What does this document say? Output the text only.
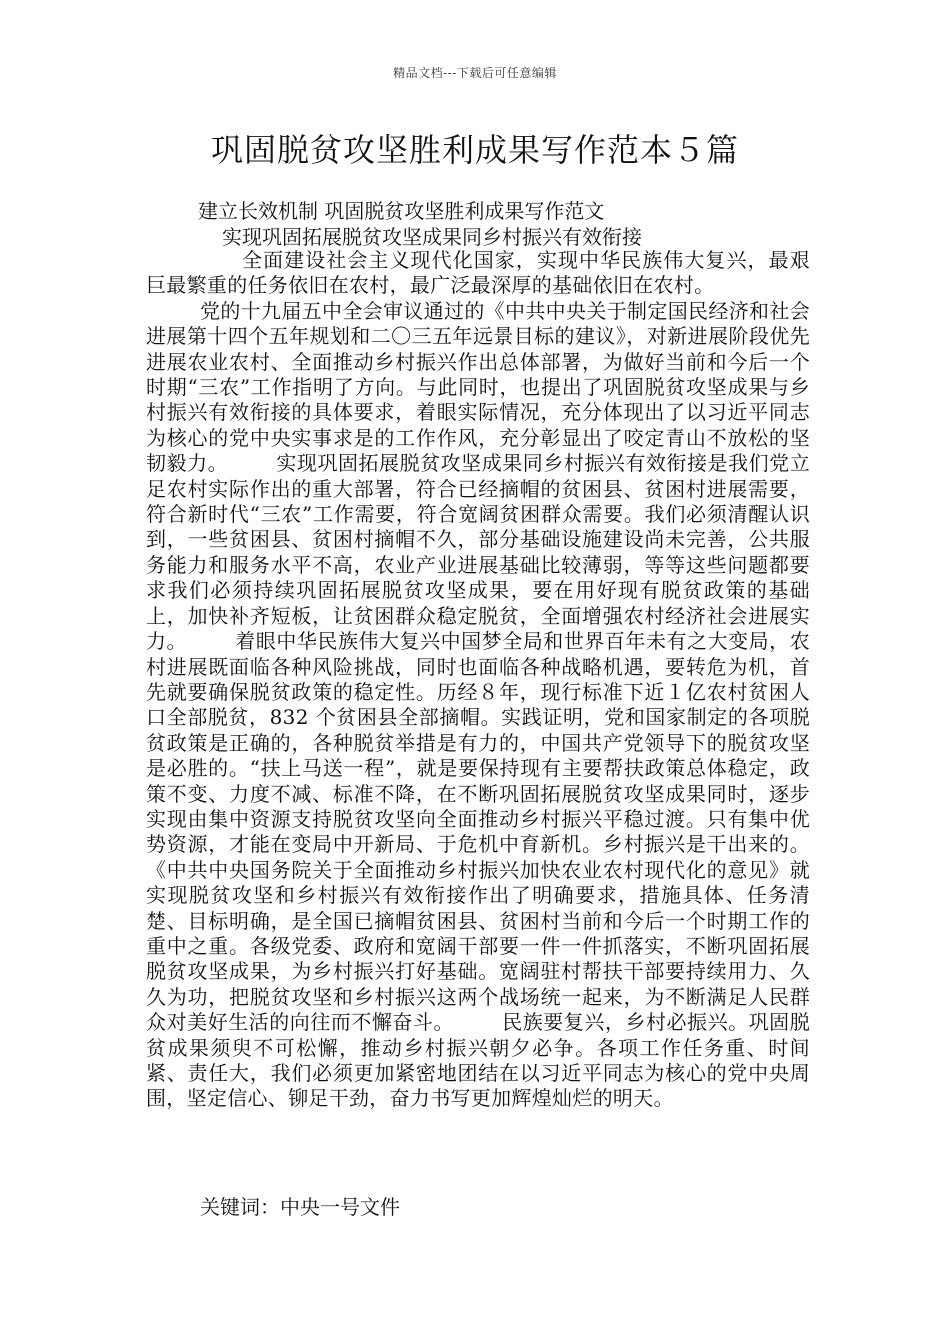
精品文档---下载后可任意编辑
巩固脱贫攻坚胜利成果写作范本５篇
建立长效机制 巩固脱贫攻坚胜利成果写作范文
实现巩固拓展脱贫攻坚成果同乡村振兴有效衔接

全面建设社会主义现代化国家，实现中华民族伟大复兴，最艰巨最繁重的任务依旧在农村，最广泛最深厚的基础依旧在农村。

党的十九届五中全会审议通过的《中共中央关于制定国民经济和社会进展第十四个五年规划和二〇三五年远景目标的建议》，对新进展阶段优先进展农业农村、全面推动乡村振兴作出总体部署，为做好当前和今后一个时期“三农”工作指明了方向。与此同时，也提出了巩固脱贫攻坚成果与乡村振兴有效衔接的具体要求，着眼实际情况，充分体现出了以习近平同志为核心的党中央实事求是的工作作风，充分彰显出了咬定青山不放松的坚韧毅力。 实现巩固拓展脱贫攻坚成果同乡村振兴有效衔接是我们党立足农村实际作出的重大部署，符合已经摘帽的贫困县、贫困村进展需要，符合新时代“三农”工作需要，符合宽阔贫困群众需要。我们必须清醒认识到，一些贫困县、贫困村摘帽不久，部分基础设施建设尚未完善，公共服务能力和服务水平不高，农业产业进展基础比较薄弱，等等这些问题都要求我们必须持续巩固拓展脱贫攻坚成果，要在用好现有脱贫政策的基础上，加快补齐短板，让贫困群众稳定脱贫，全面增强农村经济社会进展实力。 着眼中华民族伟大复兴中国梦全局和世界百年未有之大变局，农村进展既面临各种风险挑战，同时也面临各种战略机遇，要转危为机，首先就要确保脱贫政策的稳定性。历经８年，现行标准下近１亿农村贫困人口全部脱贫，832 个贫困县全部摘帽。实践证明，党和国家制定的各项脱贫政策是正确的，各种脱贫举措是有力的，中国共产党领导下的脱贫攻坚是必胜的。“扶上马送一程”，就是要保持现有主要帮扶政策总体稳定，政策不变、力度不减、标准不降，在不断巩固拓展脱贫攻坚成果同时，逐步实现由集中资源支持脱贫攻坚向全面推动乡村振兴平稳过渡。只有集中优势资源，才能在变局中开新局、于危机中育新机。乡村振兴是干出来的。《中共中央国务院关于全面推动乡村振兴加快农业农村现代化的意见》就实现脱贫攻坚和乡村振兴有效衔接作出了明确要求，措施具体、任务清楚、目标明确，是全国已摘帽贫困县、贫困村当前和今后一个时期工作的重中之重。各级党委、政府和宽阔干部要一件一件抓落实，不断巩固拓展脱贫攻坚成果，为乡村振兴打好基础。宽阔驻村帮扶干部要持续用力、久久为功，把脱贫攻坚和乡村振兴这两个战场统一起来，为不断满足人民群众对美好生活的向往而不懈奋斗。 民族要复兴，乡村必振兴。巩固脱贫成果须臾不可松懈，推动乡村振兴朝夕必争。各项工作任务重、时间紧、责任大，我们必须更加紧密地团结在以习近平同志为核心的党中央周围，坚定信心、铆足干劲，奋力书写更加辉煌灿烂的明天。

关键词：中央一号文件
